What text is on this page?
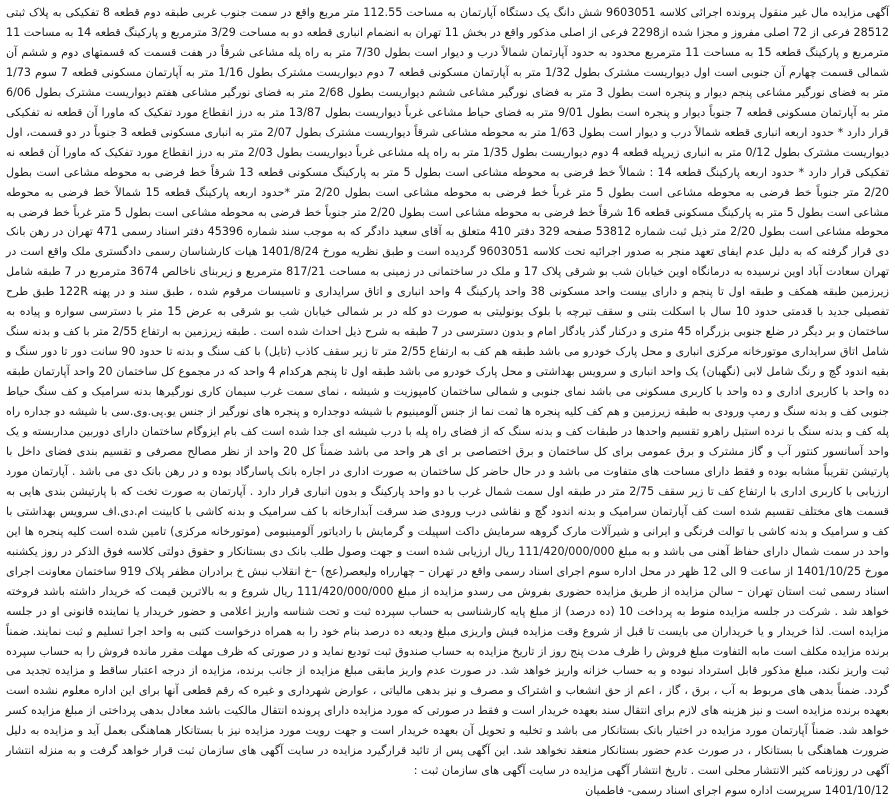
آگهی مزایده مال غیر منقول پرونده اجرائی کلاسه 9603051 شش دانگ یک دستگاه آپارتمان به مساحت 112.55 متر مربع واقع در سمت جنوب غربی طبقه دوم قطعه 8 تفکیکی به پلاک ثبتی 28512 فرعی از 72 اصلی مفروز و مجزا شده از2298 فرعی از اصلی مذکور واقع در بخش 11 تهران به انضمام انباری قطعه دو به مساحت 3/29 مترمربع و پارکینگ قطعه 14 به مساحت 11 مترمربع و پارکینگ قطعه 15 به مساحت 11 مترمربع محدود به حدود آپارتمان شمالاً درب و دیوار است بطول 7/30 متر به راه پله مشاعی شرقاً در هفت قسمت که قسمتهای دوم و ششم آن شمالی قسمت چهارم آن جنوبی است اول دیواریست مشترک بطول 1/32 متر به آپارتمان مسکونی قطعه 7 دوم دیواریست مشترک بطول 1/16 متر به آپارتمان مسکونی قطعه 7 سوم 1/73 متر به فضای نورگیر مشاعی پنجم دیوار و پنجره است بطول 3 متر به فضای نورگیر مشاعی ششم دیواریست بطول 2/68 متر به فضای نورگیر مشاعی هفتم دیواریست مشترک بطول 6/06 متر به آپارتمان مسکونی قطعه 7 جنوباً دیوار و پنجره است بطول 9/01 متر به فضای حیاط مشاعی غرباً دیواریست بطول 13/87 متر به درز انقطاع مورد تفکیک که ماورا آن قطعه نه تفکیکی قرار دارد * حدود اربعه انباری قطعه شمالاً درب و دیوار است بطول 1/63 متر به محوطه مشاعی شرقاً دیواریست مشترک بطول 2/07 متر به انباری مسکونی قطعه 3 جنوباً در دو قسمت، اول دیواریست مشترک بطول 0/12 متر به انباری زیرپله قطعه 4 دوم دیواریست بطول 1/35 متر به راه پله مشاعی غرباً دیواریست بطول 2/03 متر به درز انقطاع مورد تفکیک که ماورا آن قطعه نه تفکیکی قرار دارد * حدود اربعه پارکینگ قطعه 14 : شمالاً خط فرضی به محوطه مشاعی است بطول 5 متر به پارکینگ مسکونی قطعه 13 شرقاً خط فرضی به محوطه مشاعی است بطول 2/20 متر جنوباً خط فرضی به محوطه مشاعی است بطول 5 متر غرباً خط فرضی به محوطه مشاعی است بطول 2/20 متر *حدود اربعه پارکینگ قطعه 15 شمالاً خط فرضی به محوطه مشاعی است بطول 5 متر به پارکینگ مسکونی قطعه 16 شرقاً خط فرضی به محوطه مشاعی است بطول 2/20 متر جنوباً خط فرضی به محوطه مشاعی است بطول 5 متر غرباً خط فرضی به محوطه مشاعی است بطول 2/20 متر ذیل ثبت شماره 53812 صفحه 329 دفتر 410 متعلق به آقای سعید دادگر که به موجب سند شماره 45396 دفتر اسناد رسمی 471 تهران در رهن بانک دی قرار گرفته که به دلیل عدم ایفای تعهد منجر به صدور اجرائیه تحت کلاسه 9603051 گردیده است و طبق نظریه مورخ 1401/8/24 هیات کارشناسان رسمی دادگستری ملک واقع است در تهران سعادت آباد اوین نرسیده به درمانگاه اوین خیابان شب بو شرقی پلاک 17 و ملک در ساختمانی در زمینی به مساحت 817/21 مترمربع و زیربنای ناخالص 3674 مترمربع در 7 طبقه شامل زیرزمین طبقه همکف و طبقه اول تا پنجم و دارای بیست واحد مسکونی 38 واحد پارکینگ 4 واحد انباری و اتاق سرایداری و تاسیسات مرقوم شده ، طبق سند و در پهنه 122R طبق طرح تفصیلی جدید با قدمتی حدود 10 سال با اسکلت بتنی و سقف تیرچه با بلوک یونولیتی به صورت دو کله در بر شمالی خیابان شب بو شرقی به عرض 15 متر با دسترسی سواره و پیاده به ساختمان و بر دیگر در ضلع جنوبی بزرگراه 45 متری و درکنار گذر یادگار امام و بدون دسترسی در 7 طبقه به شرح ذیل احداث شده است . طبقه زیرزمین به ارتفاع 2/55 متر با کف و بدنه سنگ شامل اتاق سرایداری موتورخانه مرکزی انباری و محل پارک خودرو می باشد طبقه هم کف به ارتفاع 2/55 متر تا زیر سقف کاذب (تایل) با کف سنگ و بدنه تا حدود 90 سانت دور تا دور سنگ و بقیه اندود گچ و رنگ شامل لابی (نگهبان) یک واحد انباری و سرویس بهداشتی و محل پارک خودرو می باشد طبقه اول تا پنجم هرکدام 4 واحد که در مجموع کل ساختمان 20 واحد آپارتمان طبقه ده واحد با کاربری اداری و ده واحد با کاربری مسکونی می باشد نمای جنوبی و شمالی ساختمان کامپوزیت و شیشه ، نمای سمت غرب سیمان کاری نورگیرها بدنه سرامیک و کف سنگ حیاط جنوبی کف و بدنه سنگ و رمپ ورودی به طبقه زیرزمین و هم کف کلیه پنجره ها ثمت نما از جنس آلومینیوم با شیشه دوجداره و پنجره های نورگیر از جنس یو.پی.وی.سی با شیشه دو جداره راه پله کف و بدنه سنگ با نرده استیل راهرو تقسیم واحدها در طبقات کف و بدنه سنگ که از فضای راه پله با درب شیشه ای جدا شده است کف بام ایزوگام ساختمان دارای دوربین مداربسته و یک واحد آسانسور کنتور آب و گاز مشترک و برق عمومی برای کل ساختمان و برق اختصاصی بر ای هر واحد می باشد ضمناً کل 20 واحد از نظر مصالح مصرفی و تقسیم بندی فضای داخل با پارتیشن تقریباً مشابه بوده و فقط دارای مساحت های متفاوت می باشد و در حال حاضر کل ساختمان به صورت اداری در اجاره بانک پاسارگاد بوده و در رهن بانک دی می باشد . آپارتمان مورد ارزیابی با کاربری اداری با ارتفاع کف تا زیر سقف 2/75 متر در طبقه اول سمت شمال غرب با دو واحد پارکینگ و بدون انباری قرار دارد . آپارتمان به صورت تخت که با پارتیشن بندی هایی به قسمت های مختلف تقسیم شده است کف آپارتمان سرامیک و بدنه اندود گچ و نقاشی درب ورودی ضد سرقت آبدارخانه با کف سرامیک و بدنه کاشی با کابینت ام.دی.اف سرویس بهداشتی با کف و سرامیک و بدنه کاشی با توالت فرنگی و ایرانی و شیرآلات مارک گروهه سرمایش داکت اسپیلت و گرمایش با رادیاتور آلومینیومی (موتورخانه مرکزی) تامین شده است کلیه پنجره ها این واحد در سمت شمال دارای حفاظ آهنی می باشد و به مبلغ 111/420/000/000 ریال ارزیابی شده است و جهت وصول طلب بانک دی بستانکار و حقوق دولتی کلاسه فوق الذکر در روز یکشنبه مورخ 1401/10/25 از ساعت 9 الی 12 ظهر در محل اداره سوم اجرای اسناد رسمی واقع در تهران – چهارراه ولیعصر(عج) –خ انقلاب نبش خ برادران مظفر پلاک 919 ساختمان معاونت اجرای اسناد رسمی ثبت استان تهران – سالن مزایده از طریق مزایده حضوری بفروش می رسدو مزایده از مبلغ 111/420/000/000 ریال شروع و به بالاترین قیمت که خریدار داشته باشد فروخته خواهد شد . شرکت در جلسه مزایده منوط به پرداخت 10 (ده درصد) از مبلغ پایه کارشناسی به حساب سپرده ثبت و تحت شناسه واریز اعلامی و حضور خریدار یا نماینده قانونی او در جلسه مزایده است. لذا خریدار و یا خریداران می بایست تا قبل از شروع وقت مزایده فیش واریزی مبلغ ودیعه ده درصد بنام خود را به همراه درخواست کتبی به واحد اجرا تسلیم و ثبت نمایند. ضمناً برنده مزایده مکلف است مابه التفاوت مبلغ فروش را ظرف مدت پنج روز از تاریخ مزایده به حساب صندوق ثبت تودیع نماید و در صورتی که ظرف مهلت مقرر مانده فروش را به حساب سپرده ثبت واریز نکند، مبلغ مذکور قابل استرداد نبوده و به حساب خزانه واریز خواهد شد. در صورت عدم واریز مابقی مبلغ مزایده از جانب برنده، مزایده از درجه اعتبار ساقط و مزایده تجدید می گردد. ضمناً بدهی های مربوط به آب ، برق ، گاز ، اعم از حق انشعاب و اشتراک و مصرف و نیز بدهی مالیاتی ، عوارض شهرداری و غیره که رقم قطعی آنها برای این اداره معلوم نشده است بعهده برنده مزایده است و نیز هزینه های لازم برای انتقال سند بعهده خریدار است و فقط در صورتی که مورد مزایده دارای پرونده انتقال مالکیت باشد معادل بدهی پرداختی از مبلغ مزایده کسر خواهد شد. ضمناً آپارتمان مورد مزایده در اختیار بانک بستانکار می باشد و تخلیه و تحویل آن بعهده خریدار است و جهت رویت مورد مزایده نیز با بستانکار هماهنگی بعمل آید و مزایده به دلیل ضرورت هماهنگی با بستانکار ، در صورت عدم حضور بستانکار منعقد نخواهد شد. این آگهی پس از تائید قرارگیرد مزایده در سایت آگهی های سازمان ثبت قرار خواهد گرفت و به منزله انتشار آگهی در روزنامه کثیر الانتشار محلی است . تاریخ انتشار آگهی مزایده در سایت آگهی های سازمان ثبت :

1401/10/12 سرپرست اداره سوم اجرای اسناد رسمی- فاطمیان
